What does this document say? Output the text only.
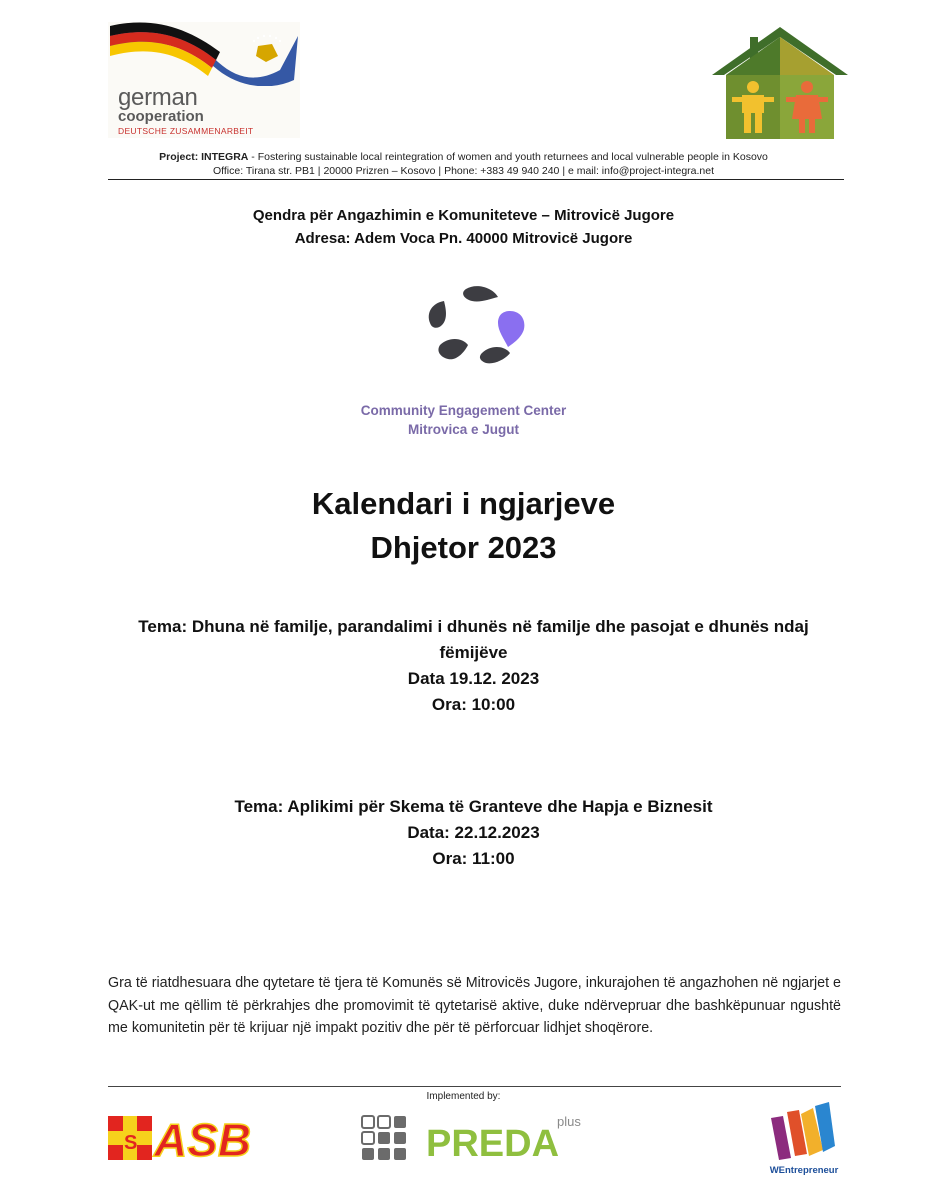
german
cooperation
DEUTSCHE ZUSAMMENARBEIT
Project: INTEGRA - Fostering sustainable local reintegration of women and youth returnees and local vulnerable people in Kosovo
Office: Tirana str. PB1 | 20000 Prizren – Kosovo | Phone: +383 49 940 240 | e mail: info@project-integra.net
Qendra për Angazhimin e Komuniteteve – Mitrovicë Jugore
Adresa: Adem Voca Pn. 40000 Mitrovicë Jugore
Community Engagement Center
Mitrovica e Jugut
Kalendari i ngjarjeve
Dhjetor 2023
Tema: Dhuna në familje, parandalimi i dhunës në familje dhe pasojat e dhunës ndaj fëmijëve
Data 19.12. 2023
Ora: 10:00
Tema: Aplikimi për Skema të Granteve dhe Hapja e Biznesit
Data: 22.12.2023
Ora: 11:00
Gra të riatdhesuara dhe qytetare të tjera të Komunës së Mitrovicës Jugore, inkurajohen të angazhohen në ngjarjet e QAK-ut me qëllim të përkrahjes dhe promovimit të qytetarisë aktive, duke ndërvepruar dhe bashkëpunuar ngushtë me komunitetin për të krijuar një impakt pozitiv dhe për të përforcuar lidhjet shoqërore.
Implemented by:
S ASB	PREDA
plus
WEntrepreneur
